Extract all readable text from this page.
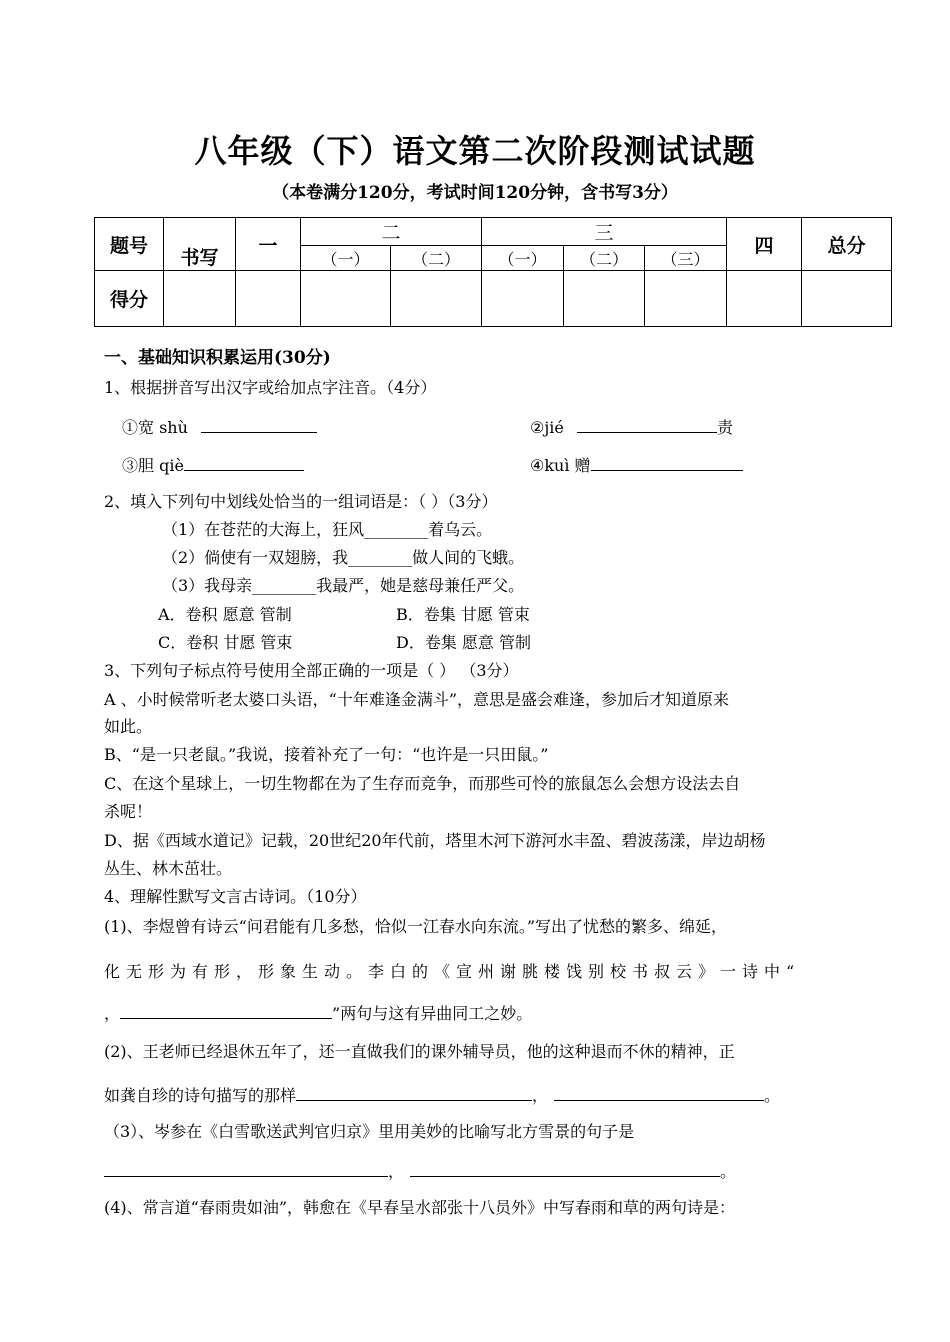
八年级（下）语文第二次阶段测试试题
（本卷满分120分，考试时间120分钟，含书写3分）
题号	书写	一	二		三			四	总分
			（一）	（二）	（一）	（二）	（三）		
得分									
一、基础知识积累运用(30分)
1、根据拼音写出汉字或给加点字注音。（4分）
①宽 shù	②jié	责
③胆 qiè	④kuì 赠
2、填入下列句中划线处恰当的一组词语是：（ ）（3分）
（1）在苍茫的大海上，狂风________着乌云。
（2）倘使有一双翅膀，我________做人间的飞蛾。
（3）我母亲________我最严，她是慈母兼任严父。
A．卷积 愿意 管制	B．卷集 甘愿 管束
C．卷积 甘愿 管束	D．卷集 愿意 管制
3、下列句子标点符号使用全部正确的一项是（ ） （3分）
A 、小时候常听老太婆口头语，“十年难逢金满斗”，意思是盛会难逢，参加后才知道原来
如此。
B、“是一只老鼠。”我说，接着补充了一句：“也许是一只田鼠。”
C、在这个星球上，一切生物都在为了生存而竞争，而那些可怜的旅鼠怎么会想方设法去自
杀呢！
D、据《西域水道记》记载，20世纪20年代前，塔里木河下游河水丰盈、碧波荡漾，岸边胡杨
丛生、林木茁壮。
4、理解性默写文言古诗词。（10分）
(1)、李煜曾有诗云“问君能有几多愁，恰似一江春水向东流。”写出了忧愁的繁多、绵延，
化无形为有形，形象生动。李白的《宣州谢朓楼饯别校书叔云》一诗中“
，	”两句与这有异曲同工之妙。
(2)、王老师已经退休五年了，还一直做我们的课外辅导员，他的这种退而不休的精神，正
如龚自珍的诗句描写的那样	，	。
（3）、岑参在《白雪歌送武判官归京》里用美妙的比喻写北方雪景的句子是
，	。
(4)、常言道“春雨贵如油”，韩愈在《早春呈水部张十八员外》中写春雨和草的两句诗是：
